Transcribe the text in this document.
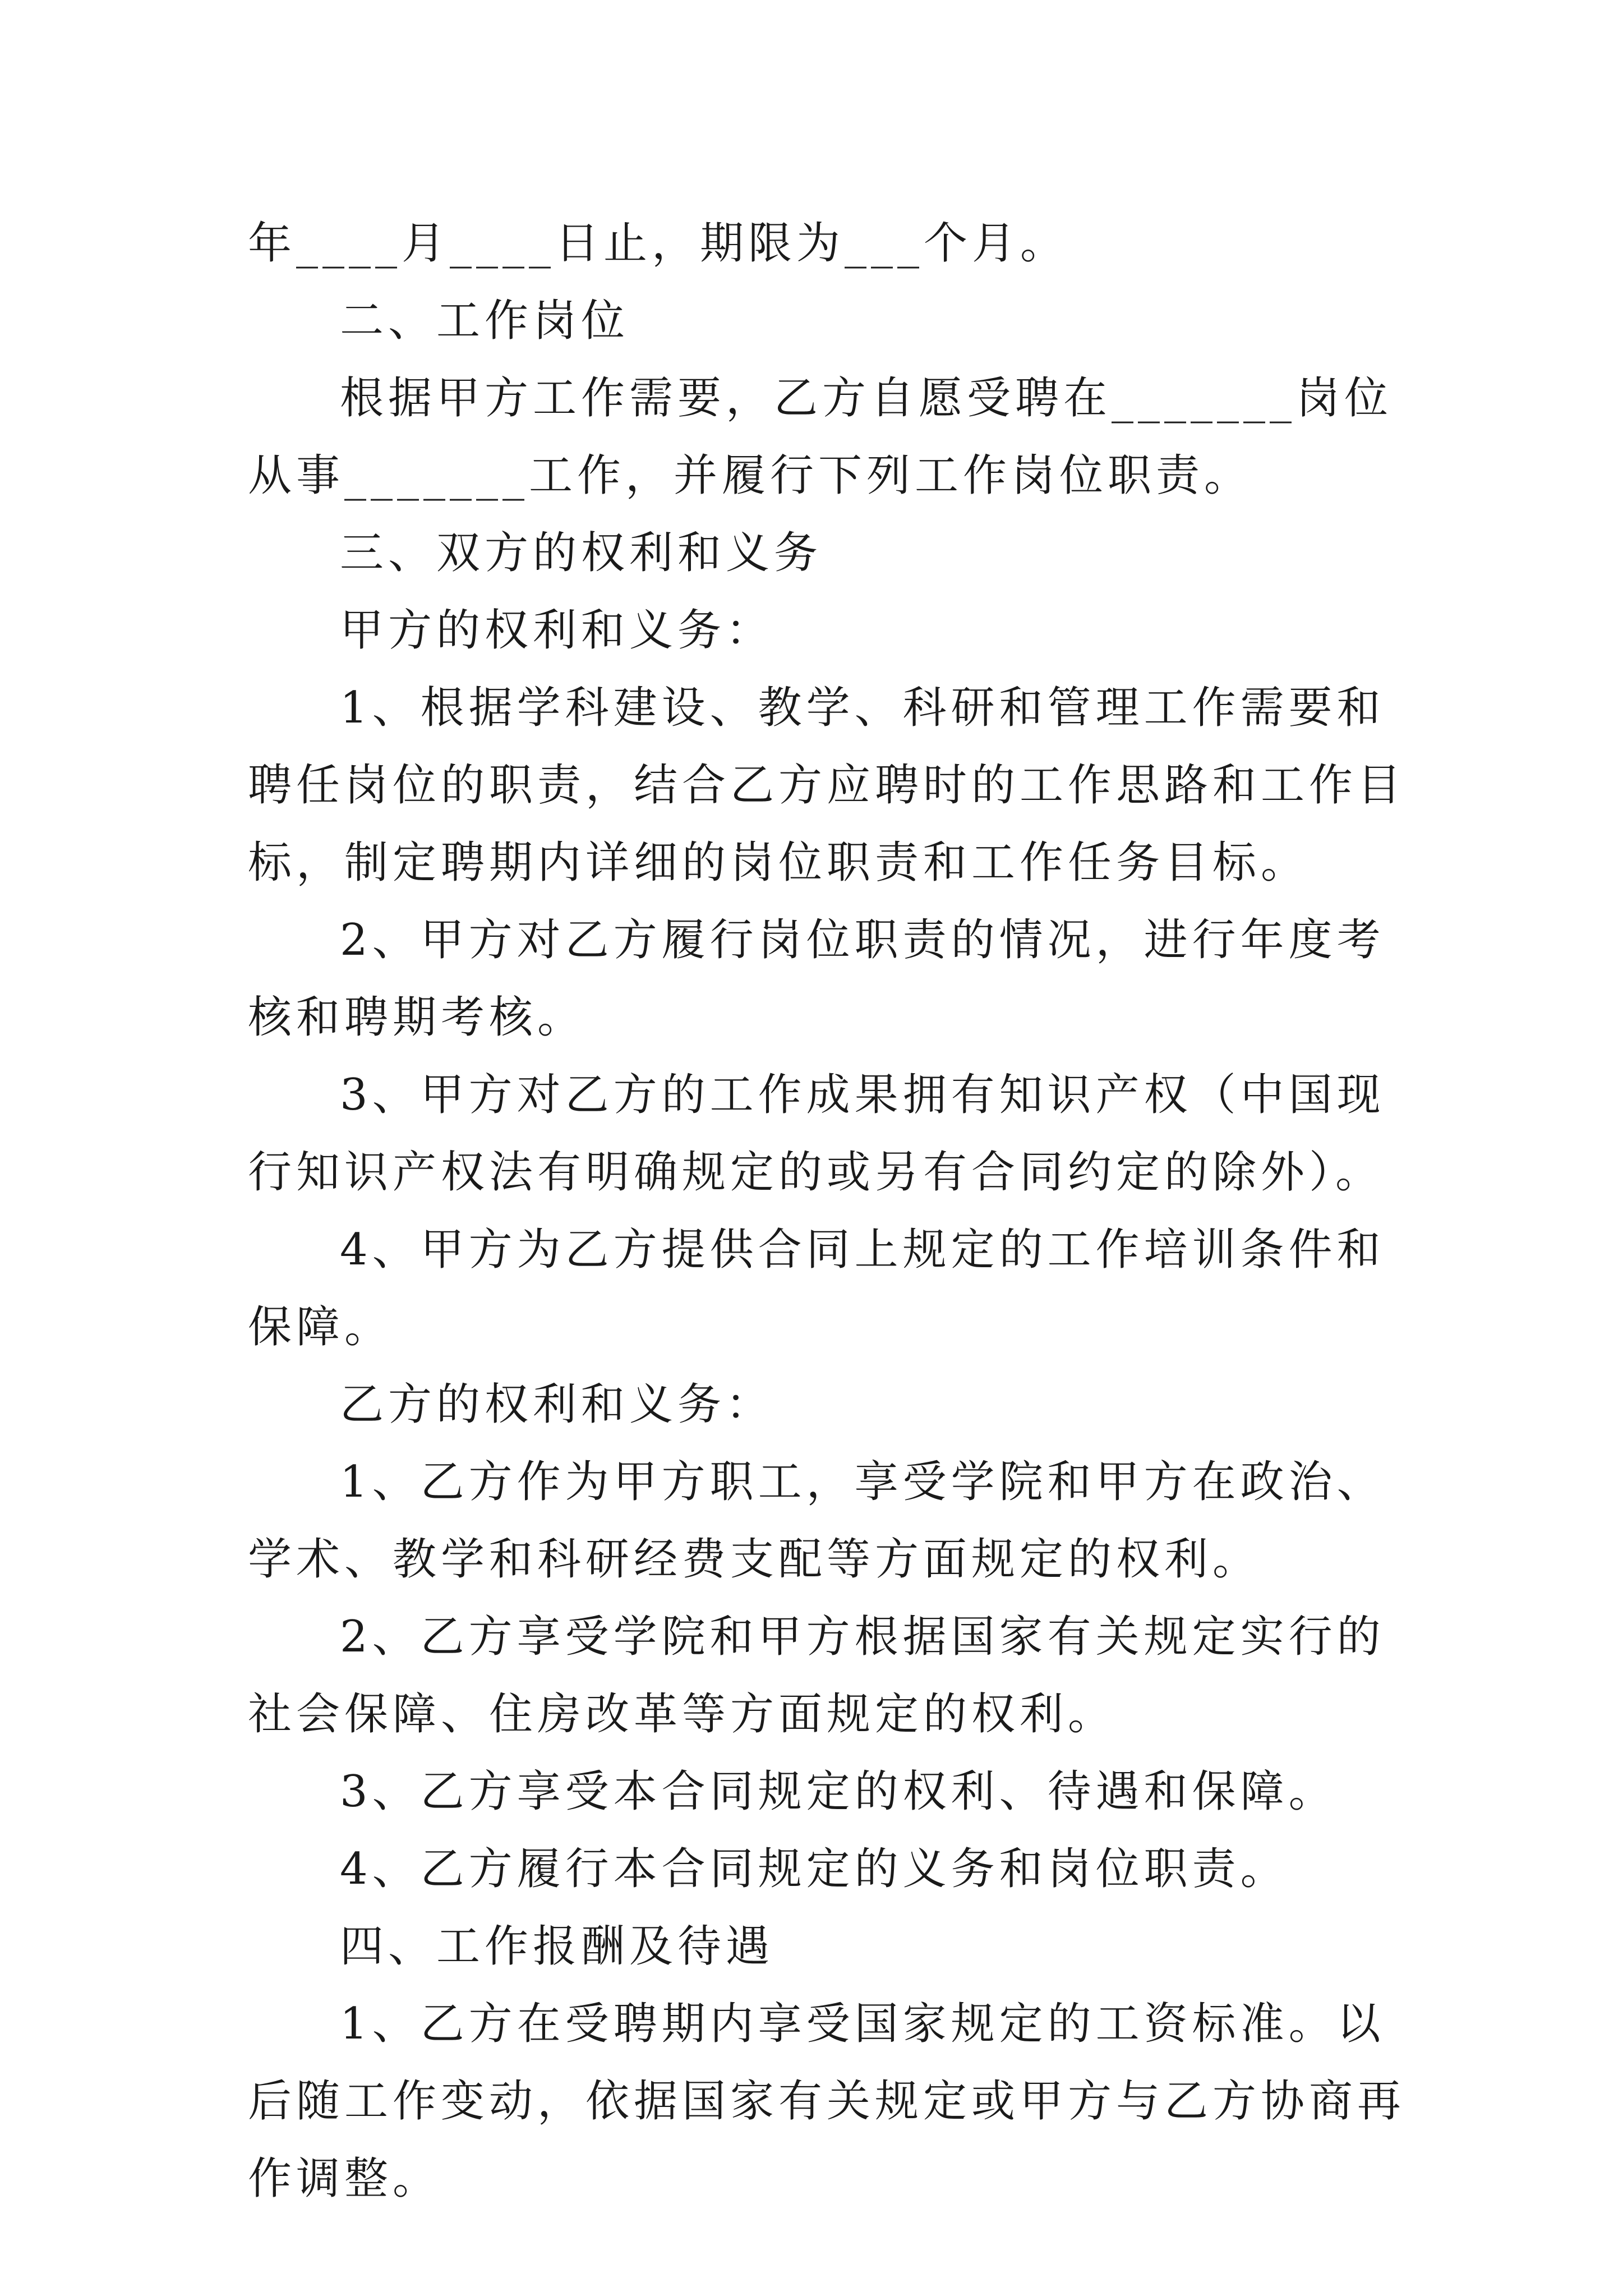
年____月____日止，期限为___个月。

二、工作岗位

根据甲方工作需要，乙方自愿受聘在_______岗位从事_______工作，并履行下列工作岗位职责。

三、双方的权利和义务

甲方的权利和义务：

1、根据学科建设、教学、科研和管理工作需要和聘任岗位的职责，结合乙方应聘时的工作思路和工作目标，制定聘期内详细的岗位职责和工作任务目标。

2、甲方对乙方履行岗位职责的情况，进行年度考核和聘期考核。

3、甲方对乙方的工作成果拥有知识产权（中国现行知识产权法有明确规定的或另有合同约定的除外）。

4、甲方为乙方提供合同上规定的工作培训条件和保障。

乙方的权利和义务：

1、乙方作为甲方职工，享受学院和甲方在政治、学术、教学和科研经费支配等方面规定的权利。

2、乙方享受学院和甲方根据国家有关规定实行的社会保障、住房改革等方面规定的权利。

3、乙方享受本合同规定的权利、待遇和保障。

4、乙方履行本合同规定的义务和岗位职责。

四、工作报酬及待遇

1、乙方在受聘期内享受国家规定的工资标准。以后随工作变动，依据国家有关规定或甲方与乙方协商再作调整。
